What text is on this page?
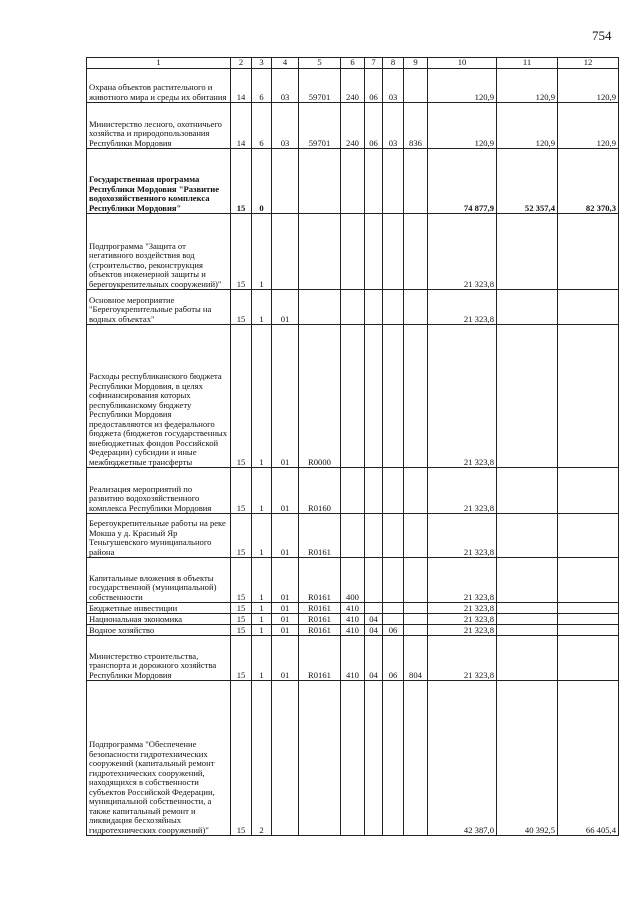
754
1	2	3	4	5	6	7	8	9	10	11	12
Охрана объектов растительного и животного мира и среды их обитания	14	6	03	59701	240	06	03		120,9	120,9	120,9
Министерство лесного, охотничьего хозяйства и природопользования Республики Мордовия	14	6	03	59701	240	06	03	836	120,9	120,9	120,9
Государственная программа Республики Мордовия "Развитие водохозяйственного комплекса Республики Мордовия"	15	0							74 877,9	52 357,4	82 370,3
Подпрограмма "Защита от негативного воздействия вод (строительство, реконструкция объектов инженерной защиты и берегоукрепительных сооружений)"	15	1							21 323,8		
Основное мероприятие "Берегоукрепительные работы на водных объектах"	15	1	01						21 323,8		
Расходы республиканского бюджета Республики Мордовия, в целях софинансирования которых республиканскому бюджету Республики Мордовия предоставляются из федерального бюджета (бюджетов государственных внебюджетных фондов Российской Федерации) субсидии и иные межбюджетные трансферты	15	1	01	R0000					21 323,8		
Реализация мероприятий по развитию водохозяйственного комплекса Республики Мордовия	15	1	01	R0160					21 323,8		
Берегоукрепительные работы на реке Мокша у д. Красный Яр Теньгушевского муниципального района	15	1	01	R0161					21 323,8		
Капитальные вложения в объекты государственной (муниципальной) собственности	15	1	01	R0161	400				21 323,8		
Бюджетные инвестиции	15	1	01	R0161	410				21 323,8		
Национальная экономика	15	1	01	R0161	410	04			21 323,8		
Водное хозяйство	15	1	01	R0161	410	04	06		21 323,8		
Министерство строительства, транспорта и дорожного хозяйства Республики Мордовия	15	1	01	R0161	410	04	06	804	21 323,8		
Подпрограмма "Обеспечение безопасности гидротехнических сооружений (капитальный ремонт гидротехнических сооружений, находящихся в собственности субъектов Российской Федерации, муниципальной собственности, а также капитальный ремонт и ликвидация бесхозяйных гидротехнических сооружений)"	15	2							42 387,0	40 392,5	66 405,4
